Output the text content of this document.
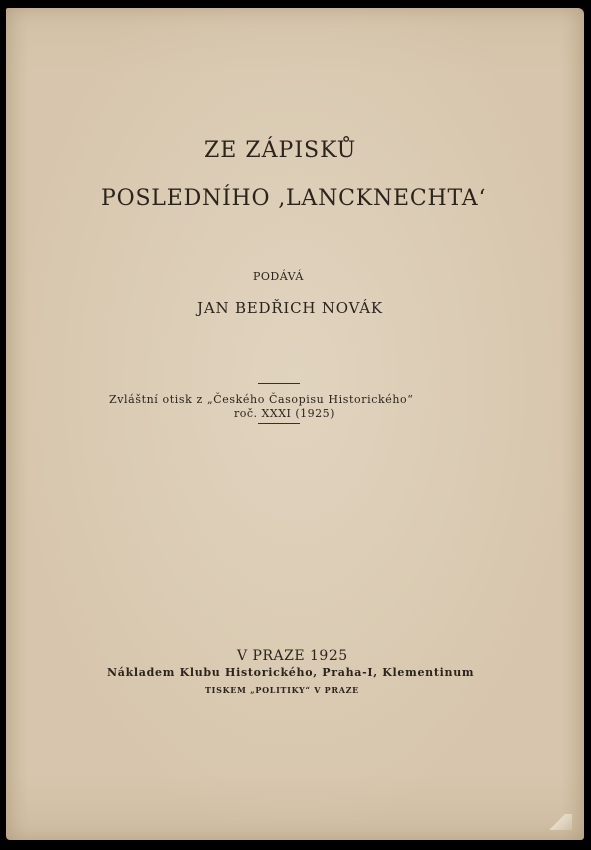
ZE ZÁPISKŮ
POSLEDNÍHO ‚LANCKNECHTA‘

PODÁVÁ

JAN BEDŘICH NOVÁK

Zvláštní otisk z „Českého Časopisu Historického“

roč. XXXI (1925)

V PRAZE 1925

Nákladem Klubu Historického, Praha-I, Klementinum

TISKEM „POLITIKY“ V PRAZE
